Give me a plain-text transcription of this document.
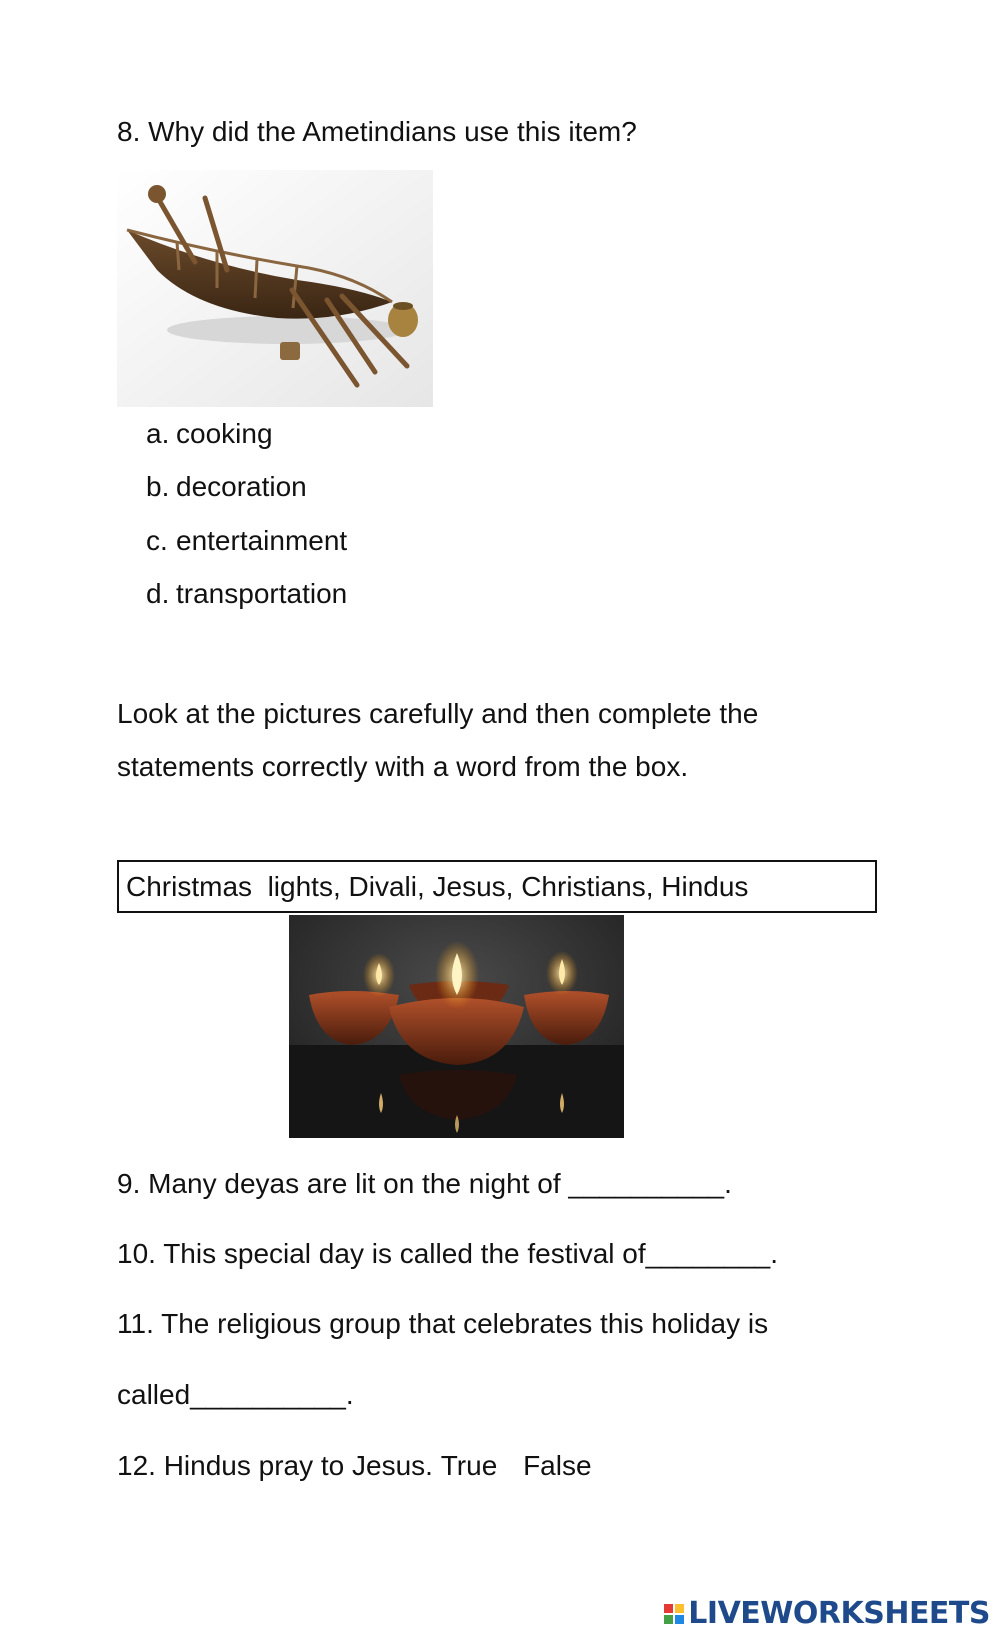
8. Why did the Ametindians use this item?
a. cooking
b. decoration
c. entertainment
d. transportation
Look at the pictures carefully and then complete the
statements correctly with a word from the box.
Christmas  lights, Divali, Jesus, Christians, Hindus
9. Many deyas are lit on the night of __________.
10. This special day is called the festival of________.
11. The religious group that celebrates this holiday is
called__________.
12. Hindus pray to Jesus. True False
LIVEWORKSHEETS
